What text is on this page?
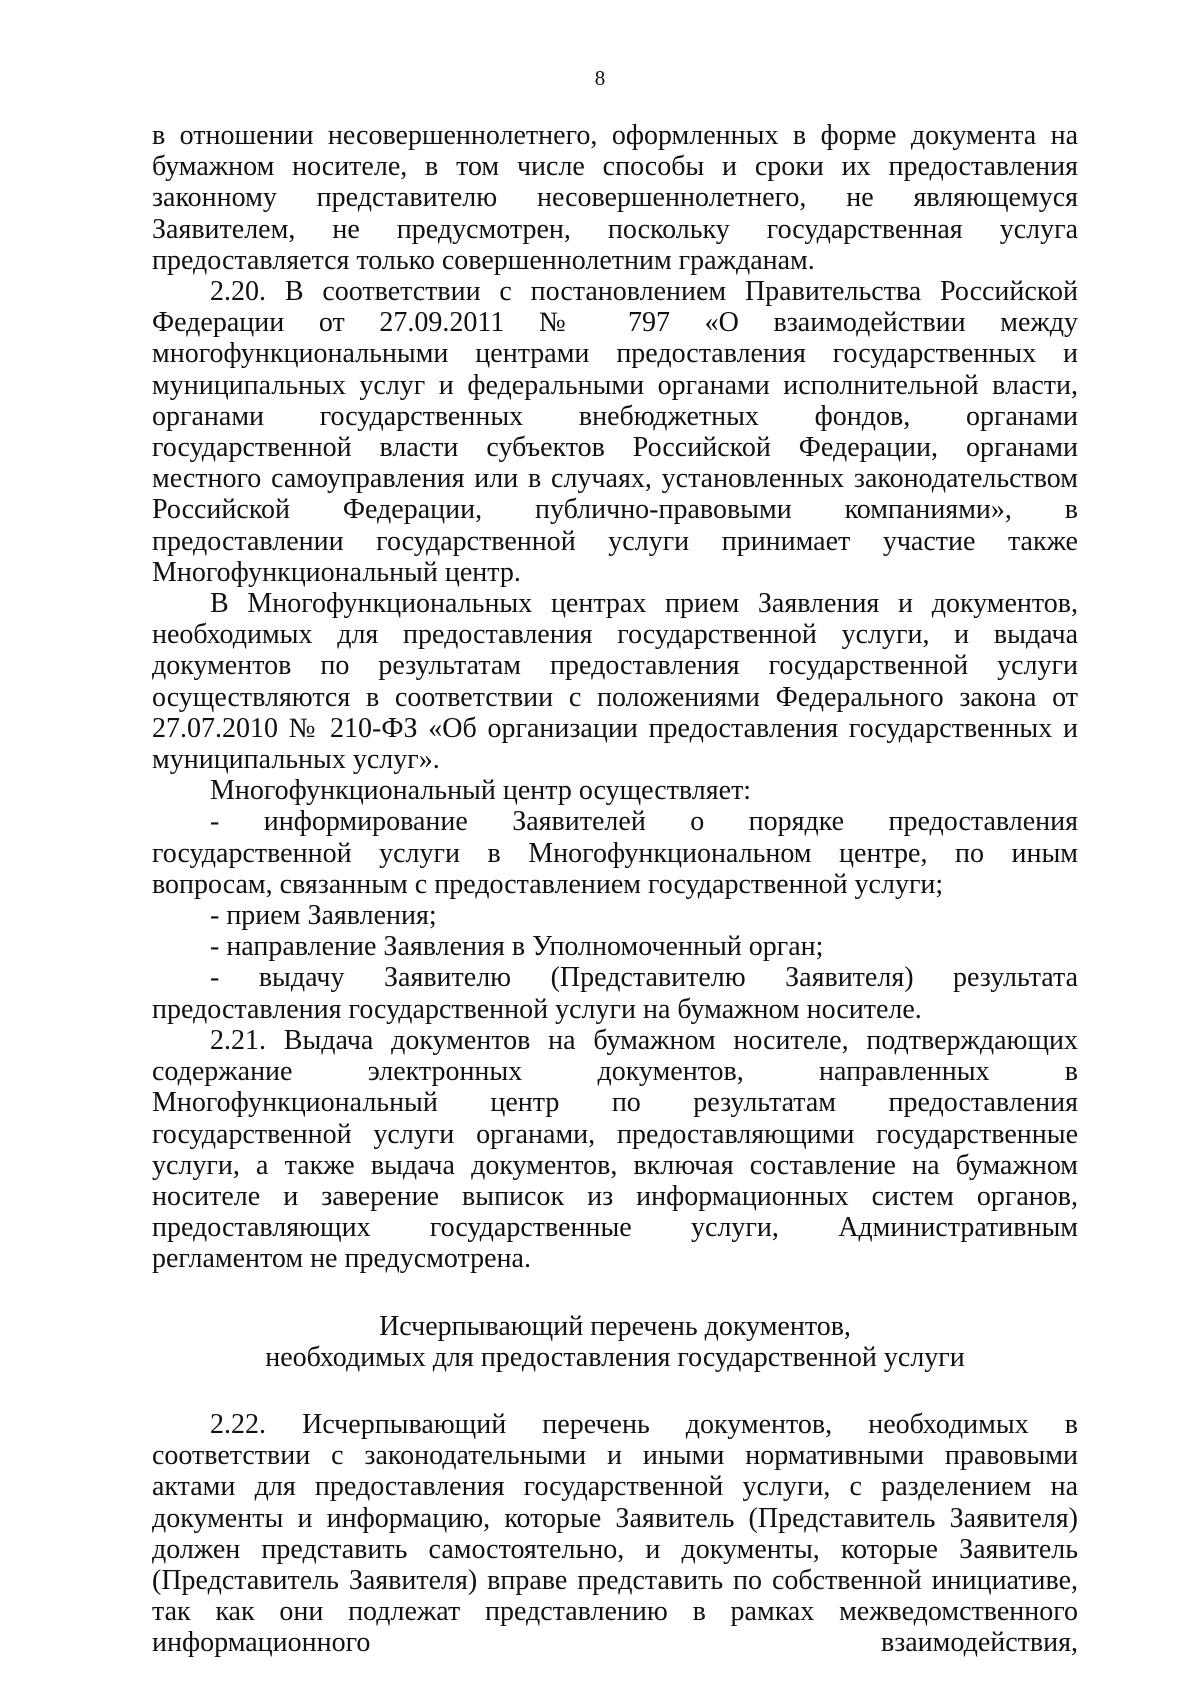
8

в отношении несовершеннолетнего, оформленных в форме документа на бумажном носителе, в том числе способы и сроки их предоставления законному представителю несовершеннолетнего, не являющемуся Заявителем, не предусмотрен, поскольку государственная услуга предоставляется только совершеннолетним гражданам.

2.20. В соответствии с постановлением Правительства Российской Федерации от 27.09.2011 № 797 «О взаимодействии между многофункциональными центрами предоставления государственных и муниципальных услуг и федеральными органами исполнительной власти, органами государственных внебюджетных фондов, органами государственной власти субъектов Российской Федерации, органами местного самоуправления или в случаях, установленных законодательством Российской Федерации, публично-правовыми компаниями», в предоставлении государственной услуги принимает участие также Многофункциональный центр.

В Многофункциональных центрах прием Заявления и документов, необходимых для предоставления государственной услуги, и выдача документов по результатам предоставления государственной услуги осуществляются в соответствии с положениями Федерального закона от 27.07.2010 № 210-ФЗ «Об организации предоставления государственных и муниципальных услуг».

Многофункциональный центр осуществляет:

- информирование Заявителей о порядке предоставления государственной услуги в Многофункциональном центре, по иным вопросам, связанным с предоставлением государственной услуги;

- прием Заявления;

- направление Заявления в Уполномоченный орган;

- выдачу Заявителю (Представителю Заявителя) результата предоставления государственной услуги на бумажном носителе.

2.21. Выдача документов на бумажном носителе, подтверждающих содержание электронных документов, направленных в Многофункциональный центр по результатам предоставления государственной услуги органами, предоставляющими государственные услуги, а также выдача документов, включая составление на бумажном носителе и заверение выписок из информационных систем органов, предоставляющих государственные услуги, Административным регламентом не предусмотрена.

Исчерпывающий перечень документов,
необходимых для предоставления государственной услуги

2.22. Исчерпывающий перечень документов, необходимых в соответствии с законодательными и иными нормативными правовыми актами для предоставления государственной услуги, с разделением на документы и информацию, которые Заявитель (Представитель Заявителя) должен представить самостоятельно, и документы, которые Заявитель (Представитель Заявителя) вправе представить по собственной инициативе, так как они подлежат представлению в рамках межведомственного информационного взаимодействия,
